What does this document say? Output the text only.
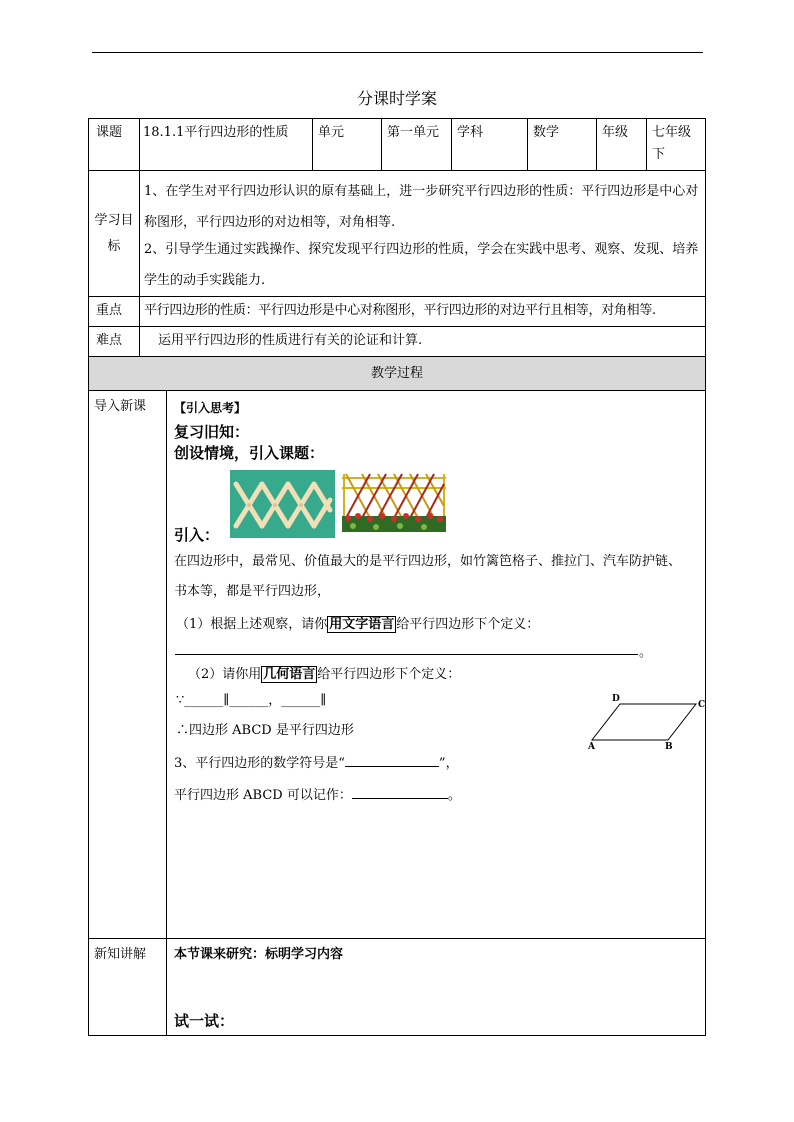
分课时学案
课题 18.1.1平行四边形的性质	单元	第一单元 学科	数学	年级 七年级下
学习目标
1、在学生对平行四边形认识的原有基础上，进一步研究平行四边形的性质：平行四边形是中心对称图形，平行四边形的对边相等，对角相等.
2、引导学生通过实践操作、探究发现平行四边形的性质，学会在实践中思考、观察、发现、培养学生的动手实践能力.
重点 平行四边形的性质：平行四边形是中心对称图形，平行四边形的对边平行且相等，对角相等.
难点	运用平行四边形的性质进行有关的论证和计算.
教学过程
导入新课 【引入思考】
复习旧知：
创设情境，引入课题：
引入：
在四边形中，最常见、价值最大的是平行四边形，如竹篱笆格子、推拉门、汽车防护链、
书本等，都是平行四边形，
（1）根据上述观察，请你 用文字语言 给平行四边形下个定义：
。
（2）请你用 几何语言 给平行四边形下个定义：
∵______∥______，______∥
∴四边形 ABCD 是平行四边形
D
C
A	B
3、平行四边形的数学符号是“	”，
平行四边形 ABCD 可以记作：	。
新知讲解 本节课来研究：标明学习内容
试一试：
